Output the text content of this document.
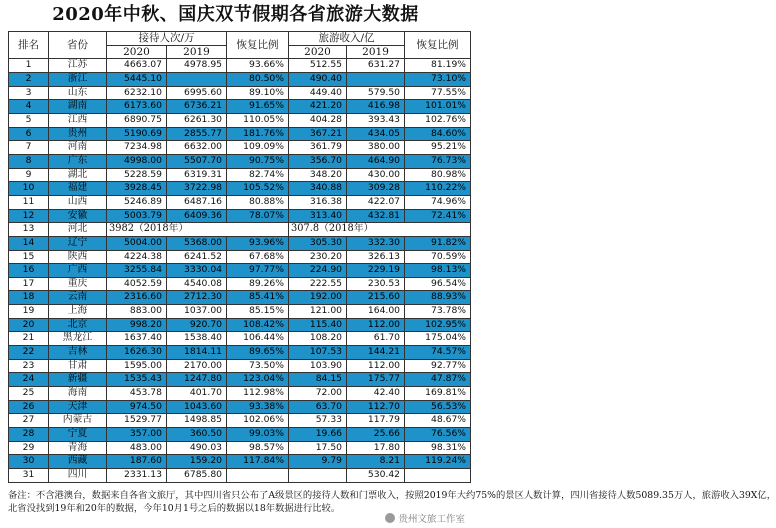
2020年中秋、国庆双节假期各省旅游大数据
排名	省份	接待人次/万		恢复比例	旅游收入/亿		恢复比例
		2020	2019		2020	2019	
1	江苏	4663.07	4978.95	93.66%	512.55	631.27	81.19%
2	浙江	5445.10		80.50%	490.40		73.10%
3	山东	6232.10	6995.60	89.10%	449.40	579.50	77.55%
4	湖南	6173.60	6736.21	91.65%	421.20	416.98	101.01%
5	江西	6890.75	6261.30	110.05%	404.28	393.43	102.76%
6	贵州	5190.69	2855.77	181.76%	367.21	434.05	84.60%
7	河南	7234.98	6632.00	109.09%	361.79	380.00	95.21%
8	广东	4998.00	5507.70	90.75%	356.70	464.90	76.73%
9	湖北	5228.59	6319.31	82.74%	348.20	430.00	80.98%
10	福建	3928.45	3722.98	105.52%	340.88	309.28	110.22%
11	山西	5246.89	6487.16	80.88%	316.38	422.07	74.96%
12	安徽	5003.79	6409.36	78.07%	313.40	432.81	72.41%
13	河北	3982（2018年）			307.8（2018年）		
14	辽宁	5004.00	5368.00	93.96%	305.30	332.30	91.82%
15	陕西	4224.38	6241.52	67.68%	230.20	326.13	70.59%
16	广西	3255.84	3330.04	97.77%	224.90	229.19	98.13%
17	重庆	4052.59	4540.08	89.26%	222.55	230.53	96.54%
18	云南	2316.60	2712.30	85.41%	192.00	215.60	88.93%
19	上海	883.00	1037.00	85.15%	121.00	164.00	73.78%
20	北京	998.20	920.70	108.42%	115.40	112.00	102.95%
21	黑龙江	1637.40	1538.40	106.44%	108.20	61.70	175.04%
22	吉林	1626.30	1814.11	89.65%	107.53	144.21	74.57%
23	甘肃	1595.00	2170.00	73.50%	103.90	112.00	92.77%
24	新疆	1535.43	1247.80	123.04%	84.15	175.77	47.87%
25	海南	453.78	401.70	112.98%	72.00	42.40	169.81%
26	天津	974.50	1043.60	93.38%	63.70	112.70	56.53%
27	内蒙古	1529.77	1498.85	102.06%	57.33	117.79	48.67%
28	宁夏	357.00	360.50	99.03%	19.66	25.66	76.56%
29	青海	483.00	490.03	98.57%	17.50	17.80	98.31%
30	西藏	187.60	159.20	117.84%	9.79	8.21	119.24%
31	四川	2331.13	6785.80			530.42	
备注：不含港澳台，数据来自各省文旅厅，其中四川省只公布了A级景区的接待人数和门票收入，按照2019年大约75%的景区人数计算，四川省接待人数5089.35万人，旅游收入39X亿，
北省没找到19年和20年的数据，今年10月1号之后的数据以18年数据进行比较。
贵州文旅工作室
